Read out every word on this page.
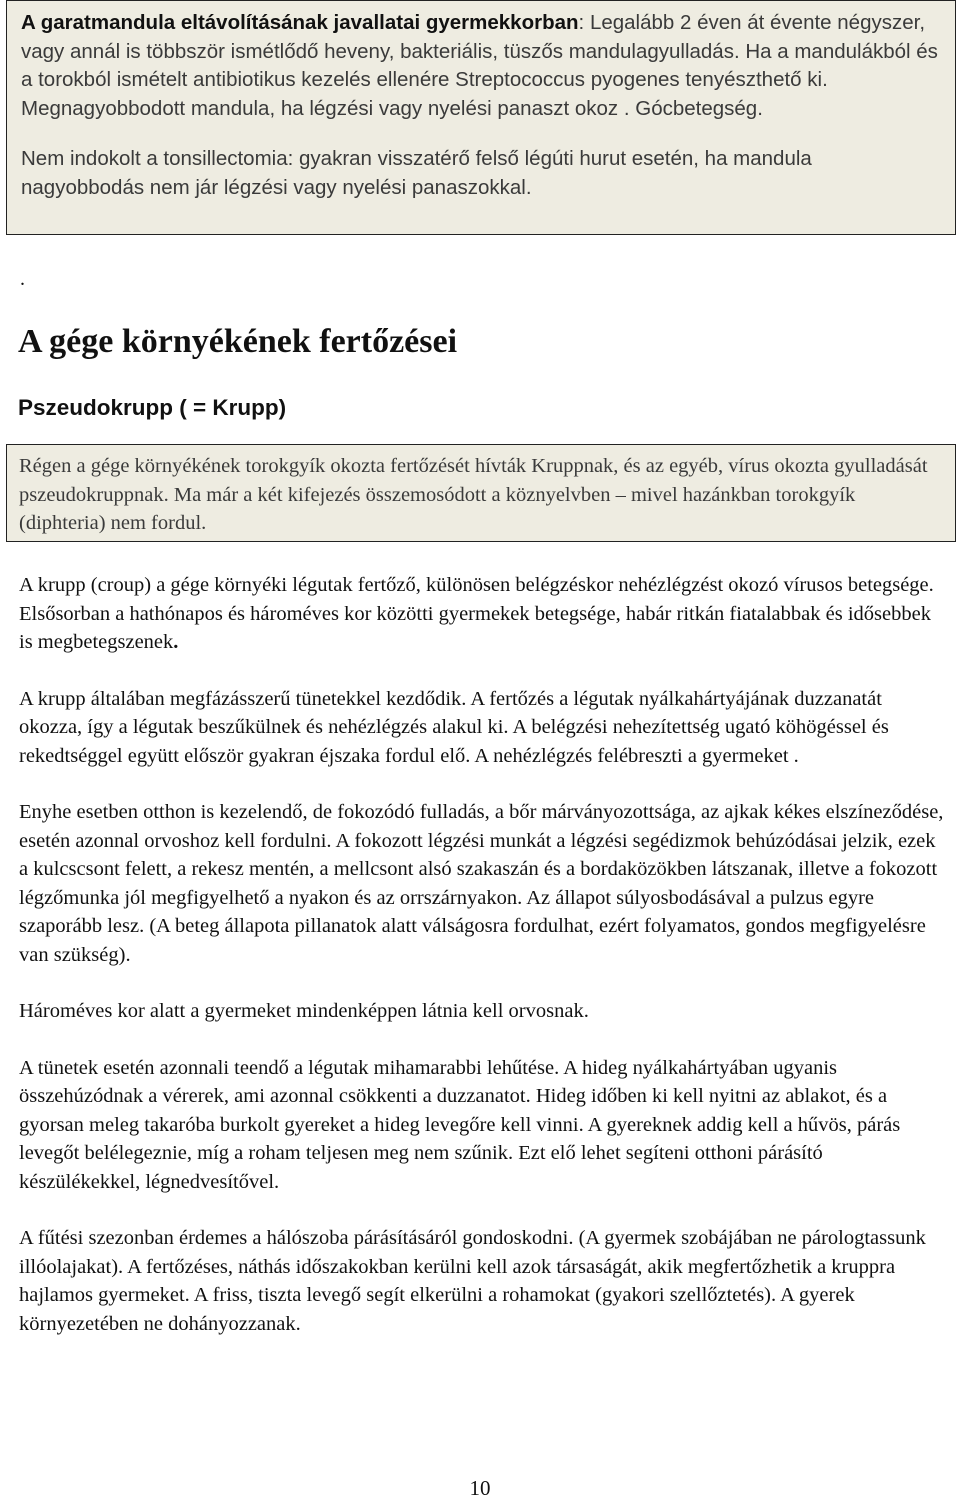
A garatmandula eltávolításának javallatai gyermekkorban: Legalább 2 éven át évente négyszer, vagy annál is többször ismétlődő heveny, bakteriális, tüszős mandulagyulladás. Ha a mandulákból és a torokból ismételt antibiotikus kezelés ellenére Streptococcus pyogenes tenyészthető ki. Megnagyobbodott mandula, ha légzési vagy nyelési panaszt okoz . Gócbetegség.

Nem indokolt a tonsillectomia: gyakran visszatérő felső légúti hurut esetén, ha mandula nagyobbodás nem jár légzési vagy nyelési panaszokkal.

.
A gége környékének fertőzései
Pszeudokrupp ( = Krupp)

Régen a gége környékének torokgyík okozta fertőzését hívták Kruppnak, és az egyéb, vírus okozta gyulladását pszeudokruppnak. Ma már a két kifejezés összemosódott a köznyelvben – mivel hazánkban torokgyík (diphteria) nem fordul.

A krupp (croup) a gége környéki légutak fertőző, különösen belégzéskor nehézlégzést okozó vírusos betegsége. Elsősorban a hathónapos és hároméves kor közötti gyermekek betegsége, habár ritkán fiatalabbak és idősebbek is megbetegszenek.

A krupp általában megfázásszerű tünetekkel kezdődik. A fertőzés a légutak nyálkahártyájának duzzanatát okozza, így a légutak beszűkülnek és nehézlégzés alakul ki. A belégzési nehezítettség ugató köhögéssel és rekedtséggel együtt először gyakran éjszaka fordul elő. A nehézlégzés felébreszti a gyermeket .

Enyhe esetben otthon is kezelendő, de fokozódó fulladás, a bőr márványozottsága, az ajkak kékes elszíneződése, esetén azonnal orvoshoz kell fordulni. A fokozott légzési munkát a légzési segédizmok behúzódásai jelzik, ezek a kulcscsont felett, a rekesz mentén, a mellcsont alsó szakaszán és a bordaközökben látszanak, illetve a fokozott légzőmunka jól megfigyelhető a nyakon és az orrszárnyakon. Az állapot súlyosbodásával a pulzus egyre szaporább lesz. (A beteg állapota pillanatok alatt válságosra fordulhat, ezért folyamatos, gondos megfigyelésre van szükség).

Hároméves kor alatt a gyermeket mindenképpen látnia kell orvosnak.

A tünetek esetén azonnali teendő a légutak mihamarabbi lehűtése. A hideg nyálkahártyában ugyanis összehúzódnak a vérerek, ami azonnal csökkenti a duzzanatot. Hideg időben ki kell nyitni az ablakot, és a gyorsan meleg takaróba burkolt gyereket a hideg levegőre kell vinni. A gyereknek addig kell a hűvös, párás levegőt belélegeznie, míg a roham teljesen meg nem szűnik. Ezt elő lehet segíteni otthoni párásító készülékekkel, légnedvesítővel.

A fűtési szezonban érdemes a hálószoba párásításáról gondoskodni. (A gyermek szobájában ne párologtassunk illóolajakat). A fertőzéses, náthás időszakokban kerülni kell azok társaságát, akik megfertőzhetik a kruppra hajlamos gyermeket. A friss, tiszta levegő segít elkerülni a rohamokat (gyakori szellőztetés). A gyerek környezetében ne dohányozzanak.

10
